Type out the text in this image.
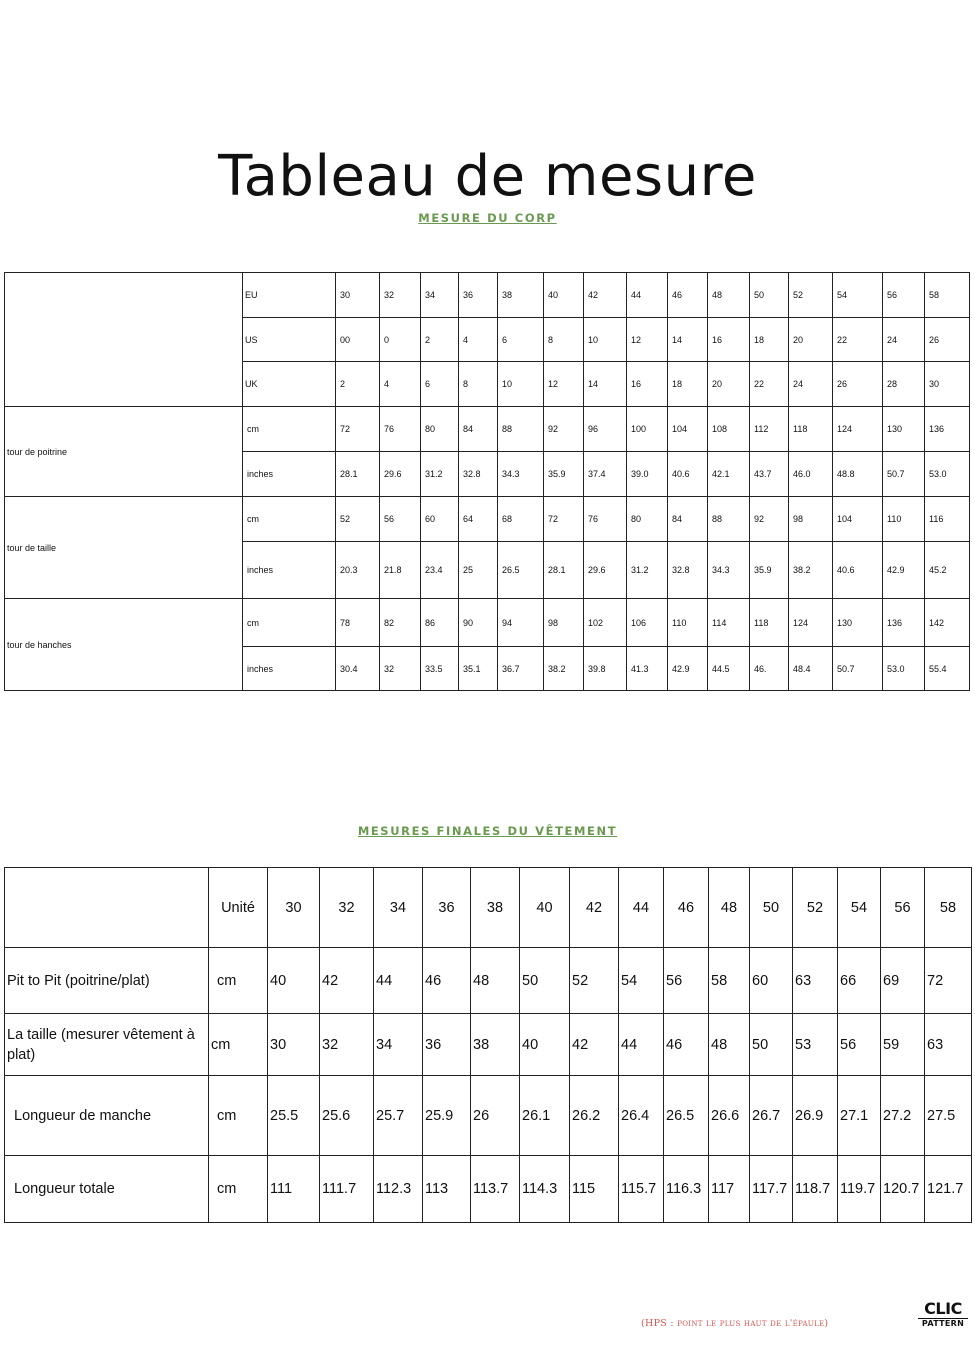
Tableau de mesure
MESURE DU CORP
	EU	30	32	34	36	38	40	42	44	46	48	50	52	54	56	58
	US	00	0	2	4	6	8	10	12	14	16	18	20	22	24	26
	UK	2	4	6	8	10	12	14	16	18	20	22	24	26	28	30
tour de poitrine	cm	72	76	80	84	88	92	96	100	104	108	112	118	124	130	136
	inches	28.1	29.6	31.2	32.8	34.3	35.9	37.4	39.0	40.6	42.1	43.7	46.0	48.8	50.7	53.0
tour de taille	cm	52	56	60	64	68	72	76	80	84	88	92	98	104	110	116
	inches	20.3	21.8	23.4	25	26.5	28.1	29.6	31.2	32.8	34.3	35.9	38.2	40.6	42.9	45.2
tour de hanches	cm	78	82	86	90	94	98	102	106	110	114	118	124	130	136	142
	inches	30.4	32	33.5	35.1	36.7	38.2	39.8	41.3	42.9	44.5	46.	48.4	50.7	53.0	55.4
MESURES FINALES DU VÊTEMENT
	Unité	30	32	34	36	38	40	42	44	46	48	50	52	54	56	58
Pit to Pit (poitrine/plat)	cm	40	42	44	46	48	50	52	54	56	58	60	63	66	69	72
La taille (mesurer vêtement à plat)	cm	30	32	34	36	38	40	42	44	46	48	50	53	56	59	63
Longueur de manche	cm	25.5	25.6	25.7	25.9	26	26.1	26.2	26.4	26.5	26.6	26.7	26.9	27.1	27.2	27.5
Longueur totale	cm	111	111.7	112.3	113	113.7	114.3	115	115.7	116.3	117	117.7	118.7	119.7	120.7	121.7
(HPS : point le plus haut de l'épaule)
CLIC
PATTERN
